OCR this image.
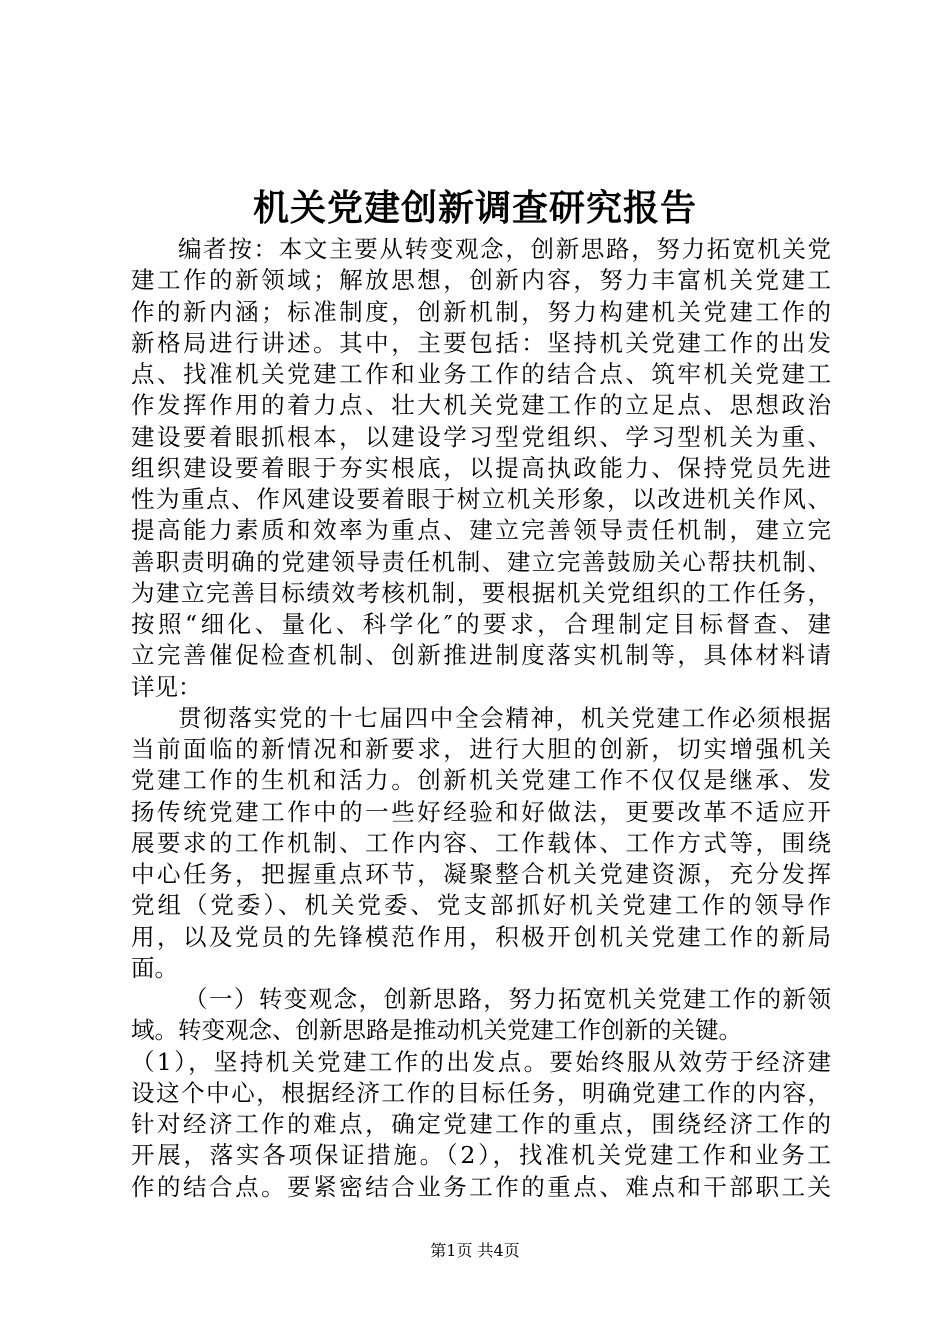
机关党建创新调查研究报告
编者按：本文主要从转变观念，创新思路，努力拓宽机关党
建工作的新领域；解放思想，创新内容，努力丰富机关党建工
作的新内涵；标准制度，创新机制，努力构建机关党建工作的
新格局进行讲述。其中，主要包括：坚持机关党建工作的出发
点、找准机关党建工作和业务工作的结合点、筑牢机关党建工
作发挥作用的着力点、壮大机关党建工作的立足点、思想政治
建设要着眼抓根本，以建设学习型党组织、学习型机关为重、
组织建设要着眼于夯实根底，以提高执政能力、保持党员先进
性为重点、作风建设要着眼于树立机关形象，以改进机关作风、
提高能力素质和效率为重点、建立完善领导责任机制，建立完
善职责明确的党建领导责任机制、建立完善鼓励关心帮扶机制、
为建立完善目标绩效考核机制，要根据机关党组织的工作任务，
按照“细化、量化、科学化″的要求，合理制定目标督查、建
立完善催促检查机制、创新推进制度落实机制等，具体材料请
详见：
贯彻落实党的十七届四中全会精神，机关党建工作必须根据
当前面临的新情况和新要求，进行大胆的创新，切实增强机关
党建工作的生机和活力。创新机关党建工作不仅仅是继承、发
扬传统党建工作中的一些好经验和好做法，更要改革不适应开
展要求的工作机制、工作内容、工作载体、工作方式等，围绕
中心任务，把握重点环节，凝聚整合机关党建资源，充分发挥
党组（党委）、机关党委、党支部抓好机关党建工作的领导作
用，以及党员的先锋模范作用，积极开创机关党建工作的新局
面。
（一）转变观念，创新思路，努力拓宽机关党建工作的新领
域。转变观念、创新思路是推动机关党建工作创新的关键。
（1），坚持机关党建工作的出发点。要始终服从效劳于经济建
设这个中心，根据经济工作的目标任务，明确党建工作的内容，
针对经济工作的难点，确定党建工作的重点，围绕经济工作的
开展，落实各项保证措施。（2），找准机关党建工作和业务工
作的结合点。要紧密结合业务工作的重点、难点和干部职工关
第1页 共4页
